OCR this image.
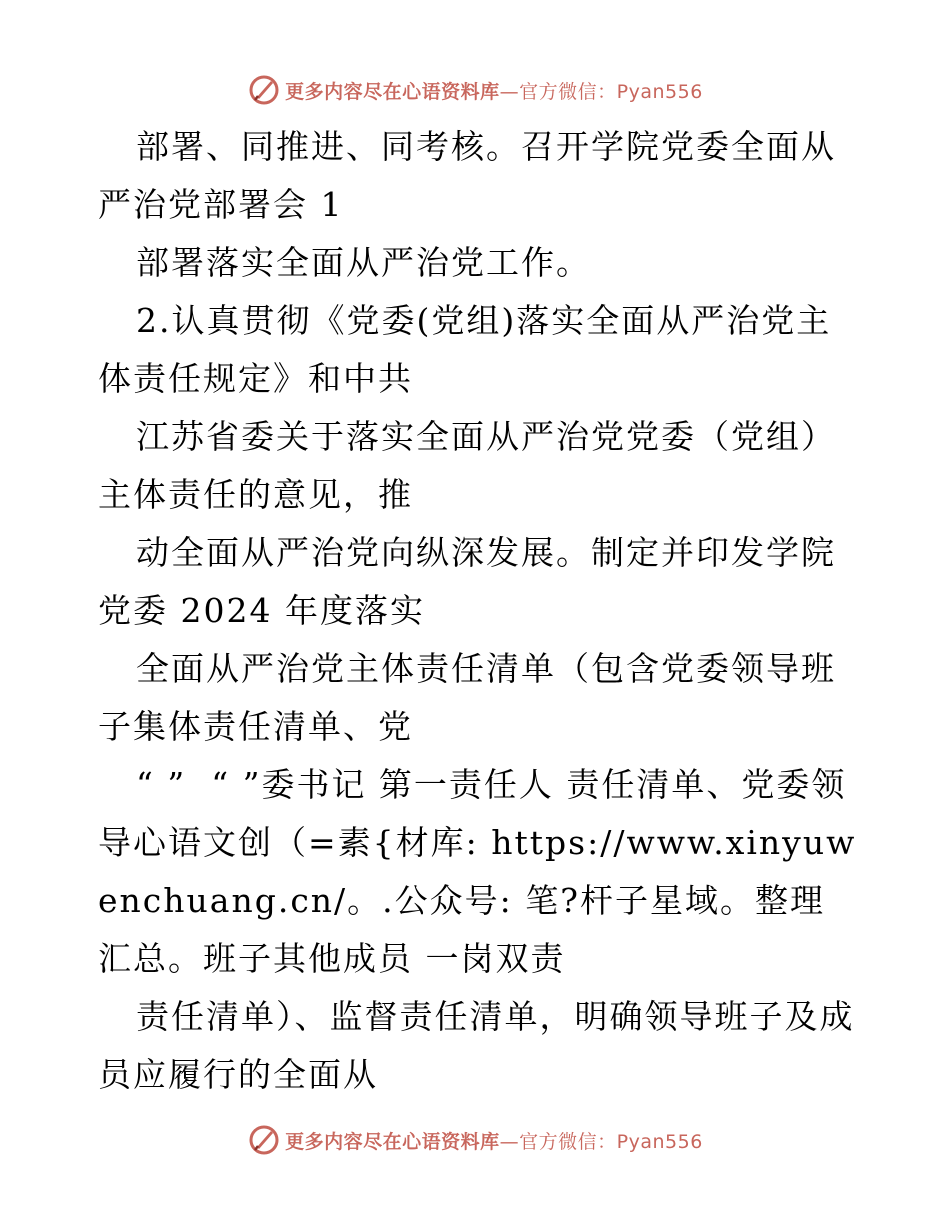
更多内容尽在心语资料库—官方微信：Pyan556

部署、同推进、同考核。召开学院党委全面从严治党部署会 1

部署落实全面从严治党工作。

2.认真贯彻《党委(党组)落实全面从严治党主体责任规定》和中共

江苏省委关于落实全面从严治党党委（党组）主体责任的意见，推

动全面从严治党向纵深发展。制定并印发学院党委 2024 年度落实

全面从严治党主体责任清单（包含党委领导班子集体责任清单、党

“ ”  “ ”委书记 第一责任人 责任清单、党委领导心语文创（=素{材库: https://www.xinyuwenchuang.cn/。.公众号: 笔?杆子星域。整理汇总。班子其他成员 一岗双责

责任清单）、监督责任清单，明确领导班子及成员应履行的全面从

更多内容尽在心语资料库—官方微信：Pyan556
